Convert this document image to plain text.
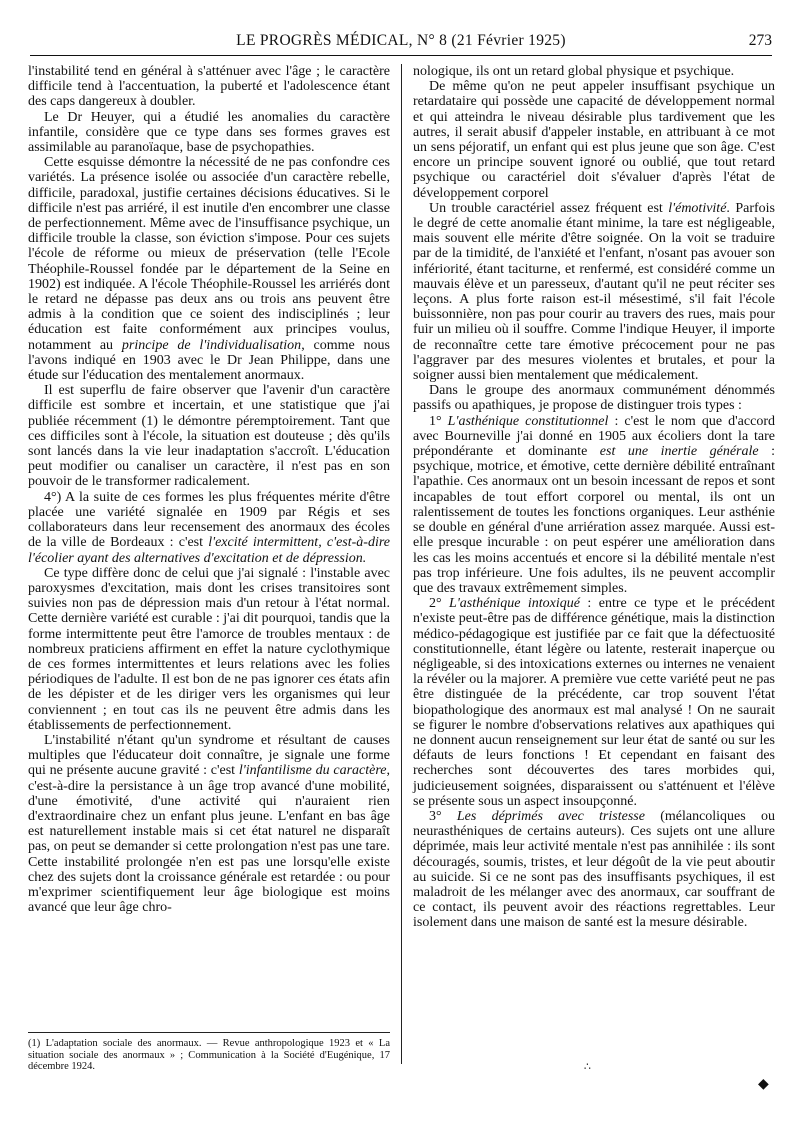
LE PROGRÈS MÉDICAL, N° 8 (21 Février 1925)	273

l'instabilité tend en général à s'atténuer avec l'âge ; le caractère difficile tend à l'accentuation, la puberté et l'adolescence étant des caps dangereux à doubler.

Le Dr Heuyer, qui a étudié les anomalies du caractère infantile, considère que ce type dans ses formes graves est assimilable au paranoïaque, base de psychopathies.

Cette esquisse démontre la nécessité de ne pas confondre ces variétés. La présence isolée ou associée d'un caractère rebelle, difficile, paradoxal, justifie certaines décisions éducatives. Si le difficile n'est pas arriéré, il est inutile d'en encombrer une classe de perfectionnement. Même avec de l'insuffisance psychique, un difficile trouble la classe, son éviction s'impose. Pour ces sujets l'école de réforme ou mieux de préservation (telle l'Ecole Théophile-Roussel fondée par le département de la Seine en 1902) est indiquée. A l'école Théophile-Roussel les arriérés dont le retard ne dépasse pas deux ans ou trois ans peuvent être admis à la condition que ce soient des indisciplinés ; leur éducation est faite conformément aux principes voulus, notamment au principe de l'individualisation, comme nous l'avons indiqué en 1903 avec le Dr Jean Philippe, dans une étude sur l'éducation des mentalement anormaux.

Il est superflu de faire observer que l'avenir d'un caractère difficile est sombre et incertain, et une statistique que j'ai publiée récemment (1) le démontre péremptoirement. Tant que ces difficiles sont à l'école, la situation est douteuse ; dès qu'ils sont lancés dans la vie leur inadaptation s'accroît. L'éducation peut modifier ou canaliser un caractère, il n'est pas en son pouvoir de le transformer radicalement.

4°) A la suite de ces formes les plus fréquentes mérite d'être placée une variété signalée en 1909 par Régis et ses collaborateurs dans leur recensement des anormaux des écoles de la ville de Bordeaux : c'est l'excité intermittent, c'est-à-dire l'écolier ayant des alternatives d'excitation et de dépression.

Ce type diffère donc de celui que j'ai signalé : l'instable avec paroxysmes d'excitation, mais dont les crises transitoires sont suivies non pas de dépression mais d'un retour à l'état normal. Cette dernière variété est curable : j'ai dit pourquoi, tandis que la forme intermittente peut être l'amorce de troubles mentaux : de nombreux praticiens affirment en effet la nature cyclothymique de ces formes intermittentes et leurs relations avec les folies périodiques de l'adulte. Il est bon de ne pas ignorer ces états afin de les dépister et de les diriger vers les organismes qui leur conviennent ; en tout cas ils ne peuvent être admis dans les établissements de perfectionnement.

L'instabilité n'étant qu'un syndrome et résultant de causes multiples que l'éducateur doit connaître, je signale une forme qui ne présente aucune gravité : c'est l'infantilisme du caractère, c'est-à-dire la persistance à un âge trop avancé d'une mobilité, d'une émotivité, d'une activité qui n'auraient rien d'extraordinaire chez un enfant plus jeune. L'enfant en bas âge est naturellement instable mais si cet état naturel ne disparaît pas, on peut se demander si cette prolongation n'est pas une tare. Cette instabilité prolongée n'en est pas une lorsqu'elle existe chez des sujets dont la croissance générale est retardée : ou pour m'exprimer scientifiquement leur âge biologique est moins avancé que leur âge chro-

nologique, ils ont un retard global physique et psychique.

De même qu'on ne peut appeler insuffisant psychique un retardataire qui possède une capacité de développement normal et qui atteindra le niveau désirable plus tardivement que les autres, il serait abusif d'appeler instable, en attribuant à ce mot un sens péjoratif, un enfant qui est plus jeune que son âge. C'est encore un principe souvent ignoré ou oublié, que tout retard psychique ou caractériel doit s'évaluer d'après l'état de développement corporel

Un trouble caractériel assez fréquent est l'émotivité. Parfois le degré de cette anomalie étant minime, la tare est négligeable, mais souvent elle mérite d'être soignée. On la voit se traduire par de la timidité, de l'anxiété et l'enfant, n'osant pas avouer son infériorité, étant taciturne, et renfermé, est considéré comme un mauvais élève et un paresseux, d'autant qu'il ne peut réciter ses leçons. A plus forte raison est-il mésestimé, s'il fait l'école buissonnière, non pas pour courir au travers des rues, mais pour fuir un milieu où il souffre. Comme l'indique Heuyer, il importe de reconnaître cette tare émotive précocement pour ne pas l'aggraver par des mesures violentes et brutales, et pour la soigner aussi bien mentalement que médicalement.

Dans le groupe des anormaux communément dénommés passifs ou apathiques, je propose de distinguer trois types :

1° L'asthénique constitutionnel : c'est le nom que d'accord avec Bourneville j'ai donné en 1905 aux écoliers dont la tare prépondérante et dominante est une inertie générale : psychique, motrice, et émotive, cette dernière débilité entraînant l'apathie. Ces anormaux ont un besoin incessant de repos et sont incapables de tout effort corporel ou mental, ils ont un ralentissement de toutes les fonctions organiques. Leur asthénie se double en général d'une arriération assez marquée. Aussi est-elle presque incurable : on peut espérer une amélioration dans les cas les moins accentués et encore si la débilité mentale n'est pas trop inférieure. Une fois adultes, ils ne peuvent accomplir que des travaux extrêmement simples.

2° L'asthénique intoxiqué : entre ce type et le précédent n'existe peut-être pas de différence génétique, mais la distinction médico-pédagogique est justifiée par ce fait que la défectuosité constitutionnelle, étant légère ou latente, resterait inaperçue ou négligeable, si des intoxications externes ou internes ne venaient la révéler ou la majorer. A première vue cette variété peut ne pas être distinguée de la précédente, car trop souvent l'état biopathologique des anormaux est mal analysé ! On ne saurait se figurer le nombre d'observations relatives aux apathiques qui ne donnent aucun renseignement sur leur état de santé ou sur les défauts de leurs fonctions ! Et cependant en faisant des recherches sont découvertes des tares morbides qui, judicieusement soignées, disparaissent ou s'atténuent et l'élève se présente sous un aspect insoupçonné.

3° Les déprimés avec tristesse (mélancoliques ou neurasthéniques de certains auteurs). Ces sujets ont une allure déprimée, mais leur activité mentale n'est pas annihilée : ils sont découragés, soumis, tristes, et leur dégoût de la vie peut aboutir au suicide. Si ce ne sont pas des insuffisants psychiques, il est maladroit de les mélanger avec des anormaux, car souffrant de ce contact, ils peuvent avoir des réactions regrettables. Leur isolement dans une maison de santé est la mesure désirable.

(1) L'adaptation sociale des anormaux. — Revue anthropologique 1923 et « La situation sociale des anormaux » ; Communication à la Société d'Eugénique, 17 décembre 1924.	∴
◆
